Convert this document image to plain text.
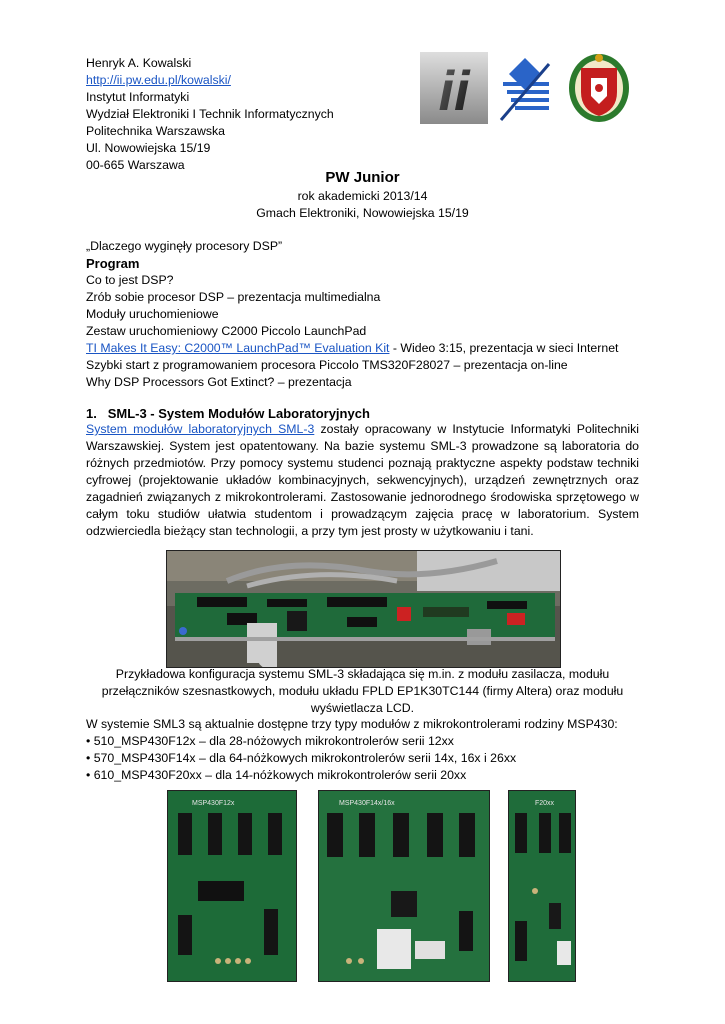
Henryk A. Kowalski
http://ii.pw.edu.pl/kowalski/
Instytut Informatyki
Wydział Elektroniki I Technik Informatycznych
Politechnika Warszawska
Ul. Nowowiejska 15/19
00-665 Warszawa
ii
PW Junior
rok akademicki 2013/14
Gmach Elektroniki, Nowowiejska 15/19
„Dlaczego wyginęły procesory DSP”
Program
Co to jest DSP?
Zrób sobie procesor DSP – prezentacja multimedialna
Moduły uruchomieniowe
Zestaw uruchomieniowy C2000 Piccolo LaunchPad
TI Makes It Easy: C2000™ LaunchPad™ Evaluation Kit - Wideo 3:15, prezentacja w sieci Internet
Szybki start z programowaniem procesora Piccolo TMS320F28027 – prezentacja on-line
Why DSP Processors Got Extinct? – prezentacja
1. SML-3 - System Modułów Laboratoryjnych
System modułów laboratoryjnych SML-3 zostały opracowany w Instytucie Informatyki Politechniki
Warszawskiej. System jest opatentowany. Na bazie systemu SML-3 prowadzone są laboratoria do
różnych przedmiotów. Przy pomocy systemu studenci poznają praktyczne aspekty podstaw techniki
cyfrowej (projektowanie układów kombinacyjnych, sekwencyjnych), urządzeń zewnętrznych oraz
zagadnień związanych z mikrokontrolerami. Zastosowanie jednorodnego środowiska sprzętowego w
całym toku studiów ułatwia studentom i prowadzącym zajęcia pracę w laboratorium. System
odzwierciedla bieżący stan technologii, a przy tym jest prosty w użytkowaniu i tani.
Przykładowa konfiguracja systemu SML-3 składająca się m.in. z modułu zasilacza, modułu
przełączników szesnastkowych, modułu układu FPLD EP1K30TC144 (firmy Altera) oraz modułu
wyświetlacza LCD.
W systemie SML3 są aktualnie dostępne trzy typy modułów z mikrokontrolerami rodziny MSP430:
• 510_MSP430F12x – dla 28-nóżowych mikrokontrolerów serii 12xx
• 570_MSP430F14x – dla 64-nóżkowych mikrokontrolerów serii 14x, 16x i 26xx
• 610_MSP430F20xx – dla 14-nóżkowych mikrokontrolerów serii 20xx
MSP430F12x	MSP430F14x/16x	F20xx
